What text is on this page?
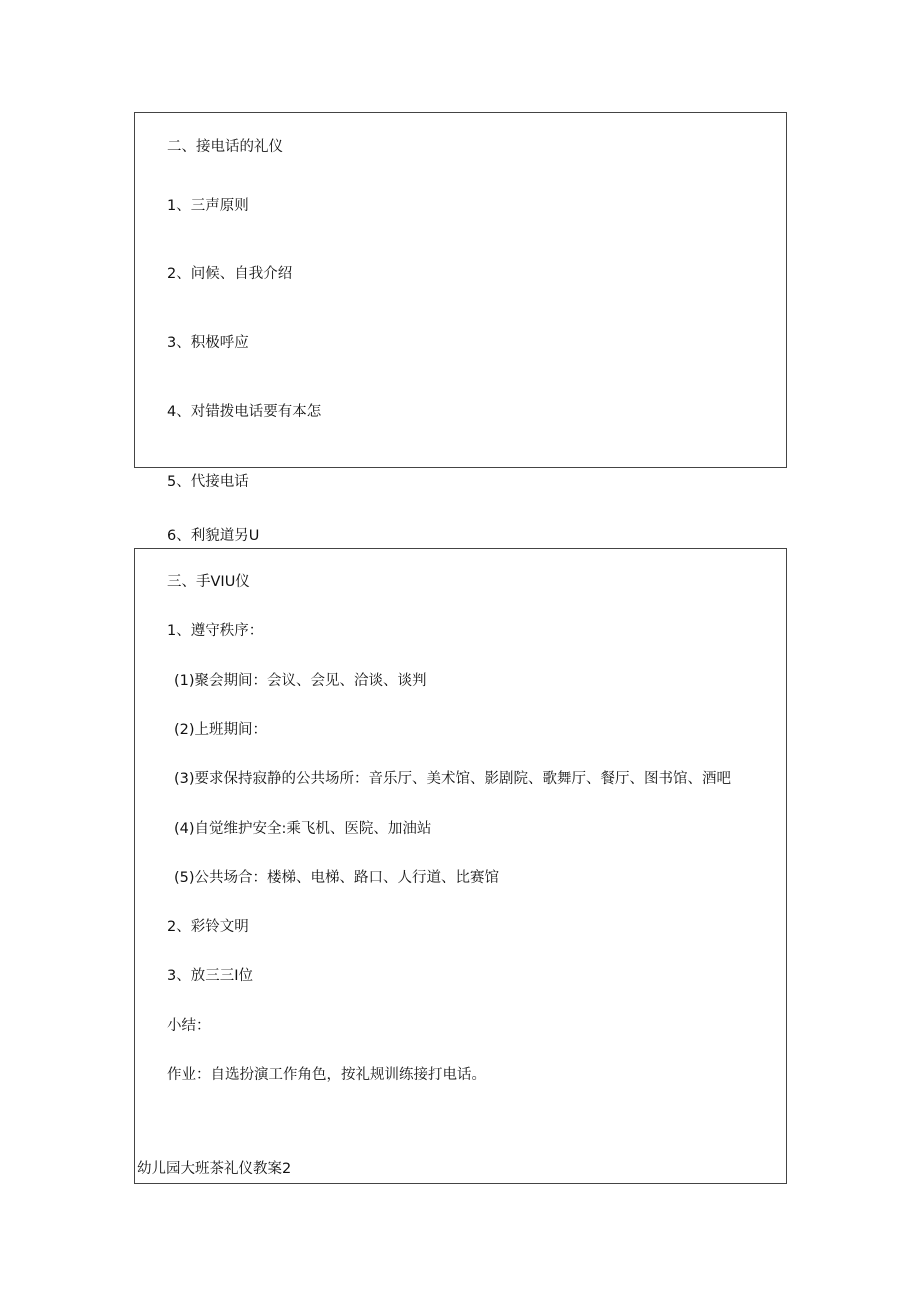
二、接电话的礼仪
1、三声原则
2、问候、自我介绍
3、积极呼应
4、对错拨电话要有本怎
5、代接电话
6、利貌道另U
三、手VIU仪
1、遵守秩序：
(1)聚会期间：会议、会见、洽谈、谈判
(2)上班期间：
(3)要求保持寂静的公共场所：音乐厅、美术馆、影剧院、歌舞厅、餐厅、图书馆、酒吧
(4)自觉维护安全:乘飞机、医院、加油站
(5)公共场合：楼梯、电梯、路口、人行道、比赛馆
2、彩铃文明
3、放三三I位
小结：
作业：自选扮演工作角色，按礼规训练接打电话。
幼儿园大班茶礼仪教案2
